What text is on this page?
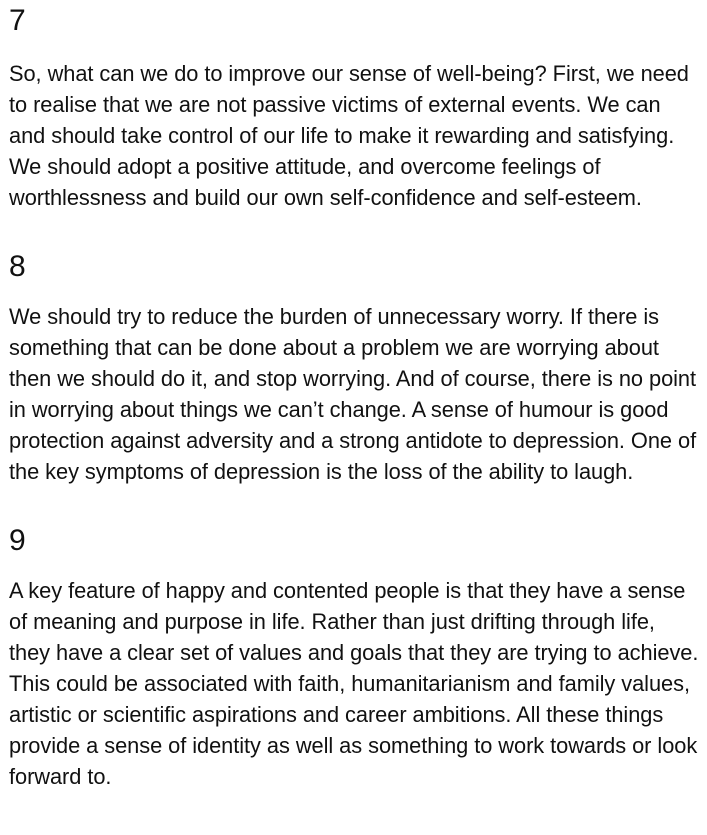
7

So, what can we do to improve our sense of well-being? First, we need to realise that we are not passive victims of external events. We can and should take control of our life to make it rewarding and satisfying. We should adopt a positive attitude, and overcome feelings of worthlessness and build our own self-confidence and self-esteem.

8

We should try to reduce the burden of unnecessary worry. If there is something that can be done about a problem we are worrying about then we should do it, and stop worrying. And of course, there is no point in worrying about things we can’t change. A sense of humour is good protection against adversity and a strong antidote to depression. One of the key symptoms of depression is the loss of the ability to laugh.

9

A key feature of happy and contented people is that they have a sense of meaning and purpose in life. Rather than just drifting through life, they have a clear set of values and goals that they are trying to achieve. This could be associated with faith, humanitarianism and family values, artistic or scientific aspirations and career ambitions. All these things provide a sense of identity as well as something to work towards or look forward to.
